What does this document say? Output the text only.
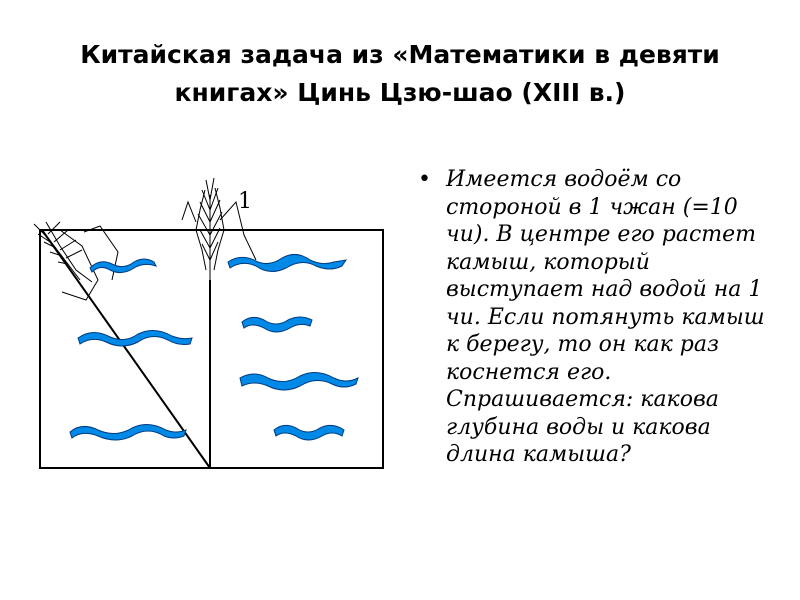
Китайская задача из «Математики в девяти книгах» Цинь Цзю-шао (XIII в.)
1
• Имеется водоём со стороной в 1 чжан (=10 чи). В центре его растет камыш, который выступает над водой на 1 чи. Если потянуть камыш к берегу, то он как раз коснется его. Спрашивается: какова глубина воды и какова длина камыша?
